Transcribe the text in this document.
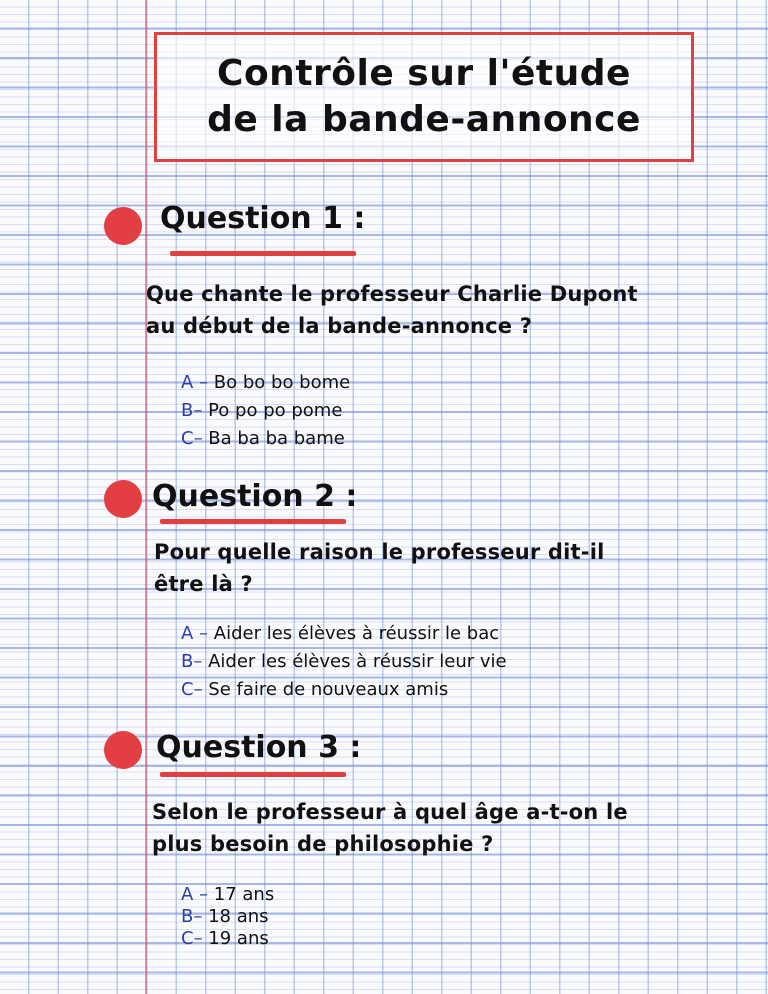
Contrôle sur l'étude
de la bande-annonce
Question 1 :
Que chante le professeur Charlie Dupont
au début de la bande-annonce ?
A – Bo bo bo bome
B– Po po po pome
C– Ba ba ba bame
Question 2 :
Pour quelle raison le professeur dit-il
être là ?
A – Aider les élèves à réussir le bac
B– Aider les élèves à réussir leur vie
C– Se faire de nouveaux amis
Question 3 :
Selon le professeur à quel âge a-t-on le
plus besoin de philosophie ?
A – 17 ans
B– 18 ans
C– 19 ans
